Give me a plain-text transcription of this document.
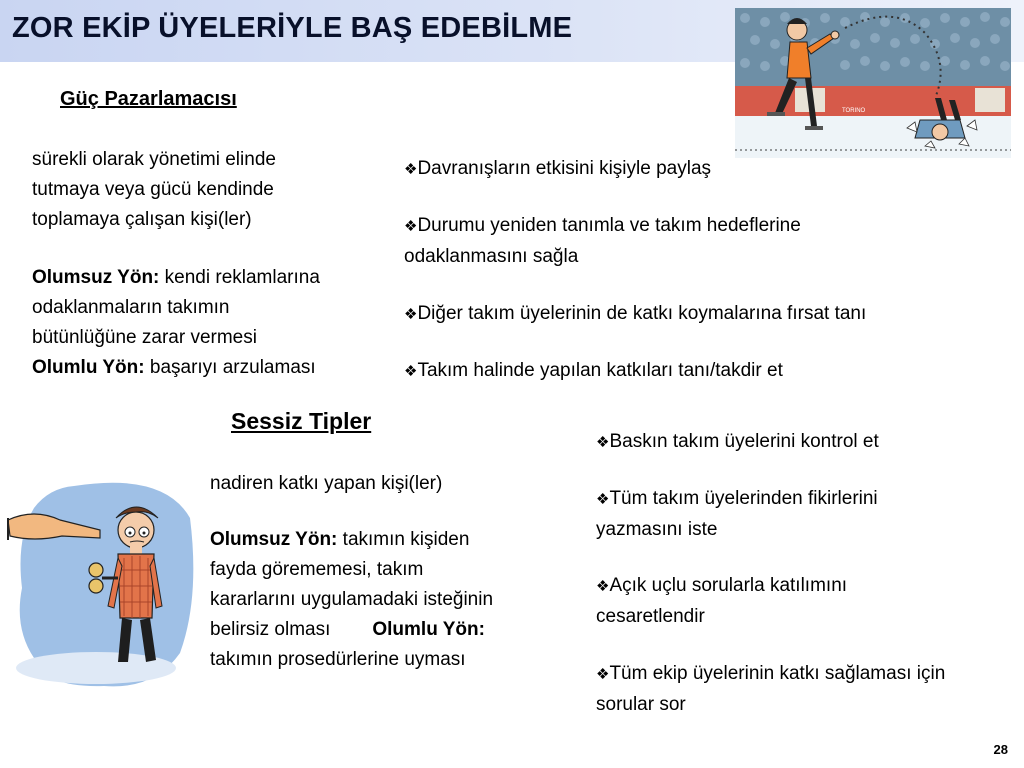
ZOR EKİP ÜYELERİYLE BAŞ EDEBİLME
TORINO
Güç Pazarlamacısı
sürekli olarak yönetimi elinde
tutmaya veya gücü kendinde
toplamaya çalışan kişi(ler)
Olumsuz Yön: kendi reklamlarına
odaklanmaların takımın
bütünlüğüne zarar vermesi
Olumlu Yön: başarıyı arzulaması
❖Davranışların etkisini kişiyle paylaş
❖Durumu yeniden tanımla ve takım hedeflerine
odaklanmasını sağla
❖Diğer takım üyelerinin de katkı koymalarına fırsat tanı
❖Takım halinde yapılan katkıları tanı/takdir et
Sessiz Tipler
nadiren katkı yapan kişi(ler)
Olumsuz Yön: takımın kişiden
fayda görememesi, takım
kararlarını uygulamadaki isteğinin
belirsiz olması Olumlu Yön:
takımın prosedürlerine uyması
❖Baskın takım üyelerini kontrol et
❖Tüm takım üyelerinden fikirlerini
yazmasını iste
❖Açık uçlu sorularla katılımını
cesaretlendir
❖Tüm ekip üyelerinin katkı sağlaması için
sorular sor
28
